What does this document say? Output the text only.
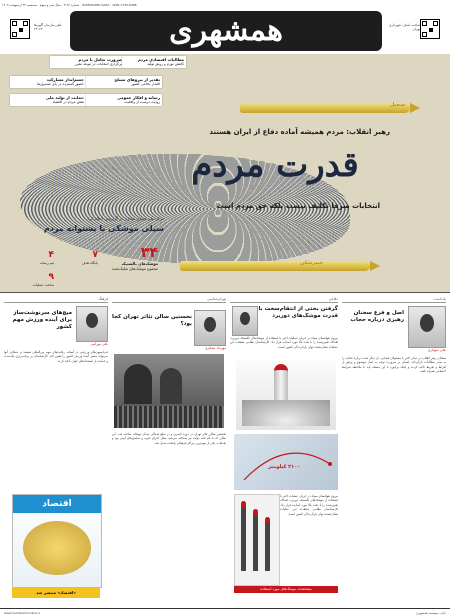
شماره ۹۱۹۲ · سال سی و سوم · سه‌شنبه ۲۳ اردیبهشت ۱۴۰۳ · HAMSHAHRI DAILY · ISSN 1735-6385
تلفن سازمان آگهی‌ها ۲۳۰۲۳	همشهری	صاحب امتیاز: شهرداری تهران
سجیل
خیبرشکن
ضرورت تعامل با مردم
برگزاری انتخابات در موعد مقرر
مطالبات اقتصادی مردم
کاهش تورم و رونق تولید
چشم‌انداز مشارکت
حضور گسترده در پای صندوق‌ها
تقدیر از نیروهای مسلح
اقتدار دفاعی کشور
حمایت از تولید ملی
نقش مردم در اقتصاد
رسانه و افکار عمومی
روایت درست از واقعیت
رهبر انقلاب: مردم همیشه آماده دفاع از ایران هستند
قدرت مردم
انتخابات صرفا تکلیف نیست بلکه حق مردم است
مرکز ملی فضای مجازی در گزارشی اعلام کرد
سیلی موشکی با پشتوانه مردم
۴
تیم رسانه
۷
پایگاه هدف
۹
ساعت عملیات
۳۴
موشک‌های بالستیک
مجموع موشک‌های شلیک‌شده
یادداشت
اصل و فرع سخنان رهبری درباره حجاب
علی شهبازی
سخنان رهبر انقلاب در دیدار اخیر با مسئولان قضایی، بار دیگر بحث درباره حجاب را به صدر مطالبات بازگرداند. ایشان بر ضرورت توجه به اصل موضوع و پرهیز از افراط و تفریط تاکید کردند و اینکه برخورد با این مسئله باید با ملاحظه شرایط اجتماعی همراه باشد.
دفاعی
گرفتن بختی از انتقام‌سخت با قدرت موشک‌های دوربرد
نیروی هوافضای سپاه در جریان عملیات اخیر با استفاده از موشک‌های بالستیک دوربرد، اهداف تعیین‌شده را با دقت بالا مورد اصابت قرار داد. کارشناسان نظامی معتقدند این عملیات نشان‌دهنده توان بازدارندگی کشور است.
۲۱۰۰ کیلومتر
نیروی هوافضای سپاه در جریان عملیات اخیر با استفاده از موشک‌های بالستیک دوربرد، اهداف تعیین‌شده را با دقت بالا مورد اصابت قرار داد. کارشناسان نظامی معتقدند این عملیات نشان‌دهنده توان بازدارندگی کشور است.
مشخصات موشک‌های مورد استفاده
تهران‌شناسی
نخستین سالن تئاتر تهران کجا بود؟
مهرداد مختاری
نخستین سالن تئاتر تهران در دوره ناصری و در ضلع شمالی میدان توپخانه ساخته شد. این سالن که با نام تکیه دولت نیز شناخته می‌شد، محل اجرای تعزیه و نمایش‌های آیینی بود و بعدها به یکی از مهم‌ترین مراکز فرهنگی پایتخت تبدیل شد.
فرهنگ
میچ‌های سرنوشت‌ساز برای آینده ورزش مهم کشور
علی بهرامی
فدراسیون‌های ورزشی در آستانه رقابت‌های مهم بین‌المللی هستند و عملکرد آنها می‌تواند مسیر آینده ورزش کشور را تعیین کند. کارشناسان بر برنامه‌ریزی بلندمدت و حمایت از استعدادهای جوان تاکید دارند.
اقتصاد
«اقتصاد» منتشر شد
www.hamshahrionline.ir	چاپ: موسسه همشهری
